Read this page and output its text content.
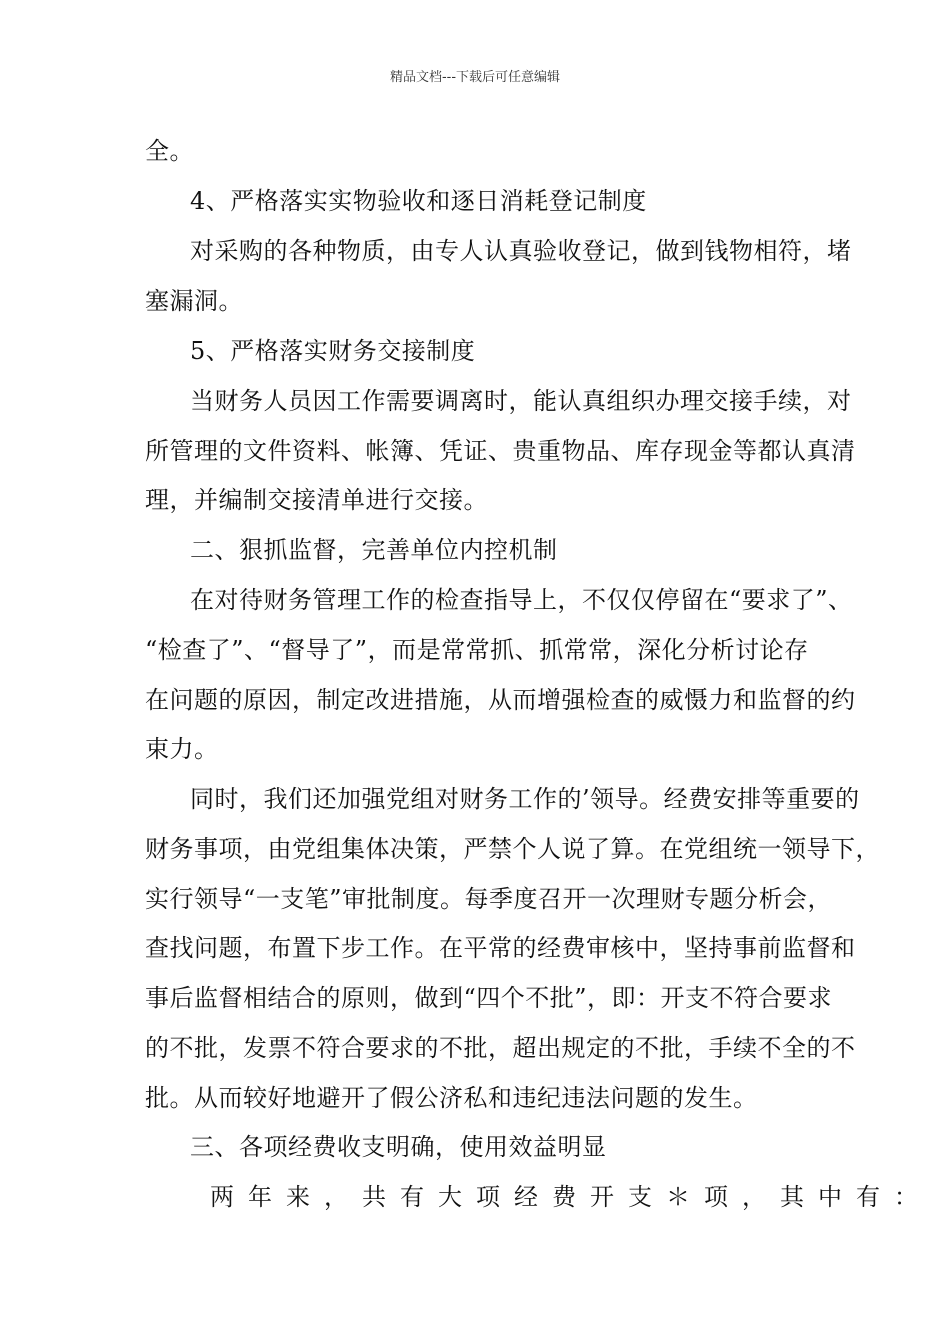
精品文档---下载后可任意编辑
全。
4、严格落实实物验收和逐日消耗登记制度
对采购的各种物质，由专人认真验收登记，做到钱物相符，堵
塞漏洞。
5、严格落实财务交接制度
当财务人员因工作需要调离时，能认真组织办理交接手续，对
所管理的文件资料、帐簿、凭证、贵重物品、库存现金等都认真清
理，并编制交接清单进行交接。
二、狠抓监督，完善单位内控机制
在对待财务管理工作的检查指导上，不仅仅停留在“要求了”、
“检查了”、“督导了”，而是常常抓、抓常常，深化分析讨论存
在问题的原因，制定改进措施，从而增强检查的威慑力和监督的约
束力。
同时，我们还加强党组对财务工作的’领导。经费安排等重要的
财务事项，由党组集体决策，严禁个人说了算。在党组统一领导下，
实行领导“一支笔”审批制度。每季度召开一次理财专题分析会，
查找问题，布置下步工作。在平常的经费审核中，坚持事前监督和
事后监督相结合的原则，做到“四个不批”，即：开支不符合要求
的不批，发票不符合要求的不批，超出规定的不批，手续不全的不
批。从而较好地避开了假公济私和违纪违法问题的发生。
三、各项经费收支明确，使用效益明显
两年来，共有大项经费开支＊项，其中有：
